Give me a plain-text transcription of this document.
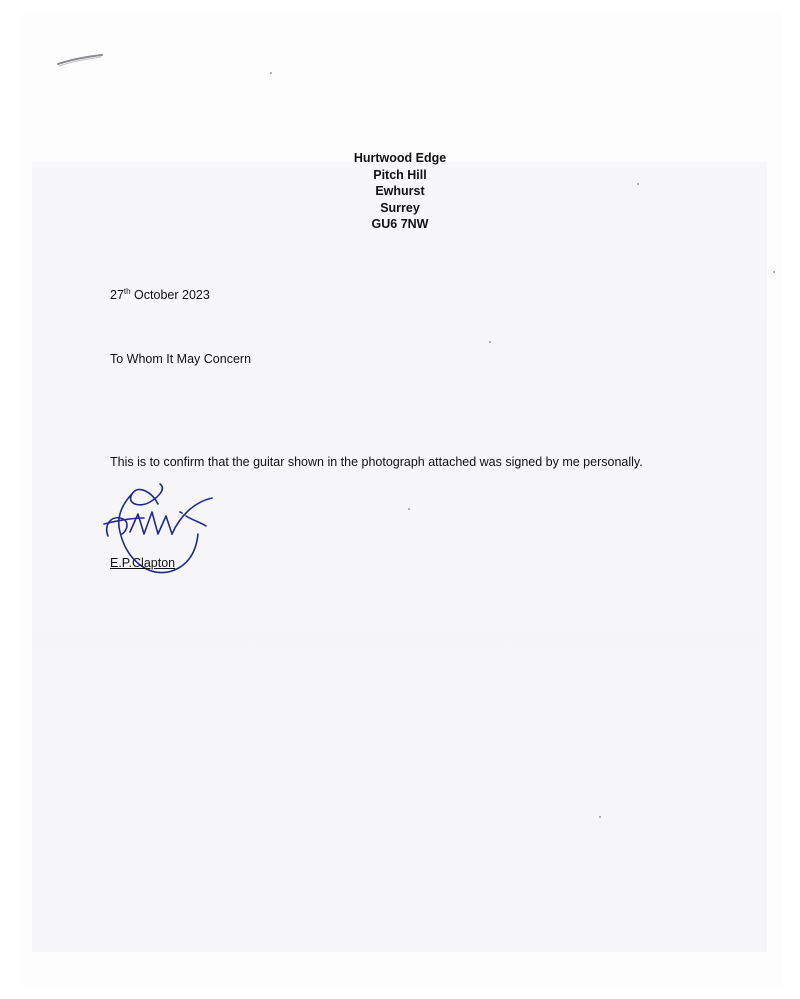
Hurtwood Edge
Pitch Hill
Ewhurst
Surrey
GU6 7NW
27th October 2023
To Whom It May Concern
This is to confirm that the guitar shown in the photograph attached was signed by me personally.
E.P.Clapton
